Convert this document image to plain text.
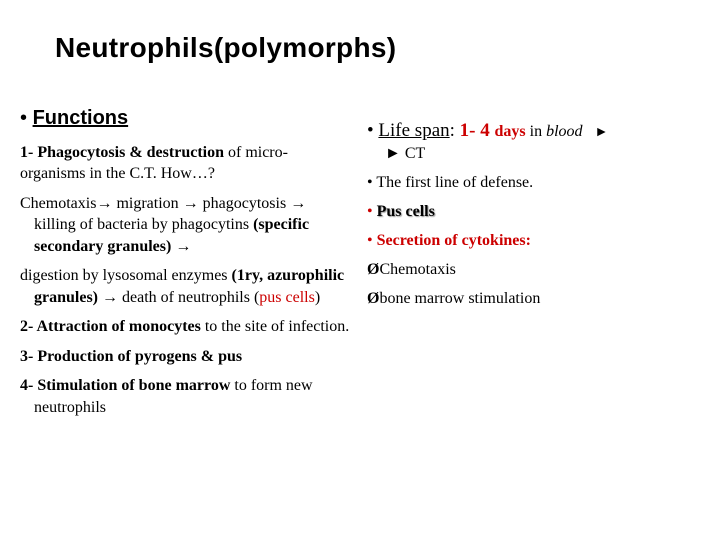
Neutrophils(polymorphs)
• Functions
1- Phagocytosis & destruction of micro-organisms in the C.T. How…?
Chemotaxis→ migration → phagocytosis → killing of bacteria by phagocytins (specific secondary granules) →
digestion by lysosomal enzymes (1ry, azurophilic granules) → death of neutrophils (pus cells)
2- Attraction of monocytes to the site of infection.
3- Production of pyrogens & pus
4- Stimulation of bone marrow to form new neutrophils
• Life span: 1- 4 days in blood ►
► CT
• The first line of defense.
• Pus cells
• Secretion of cytokines:
ØChemotaxis
Øbone marrow stimulation
